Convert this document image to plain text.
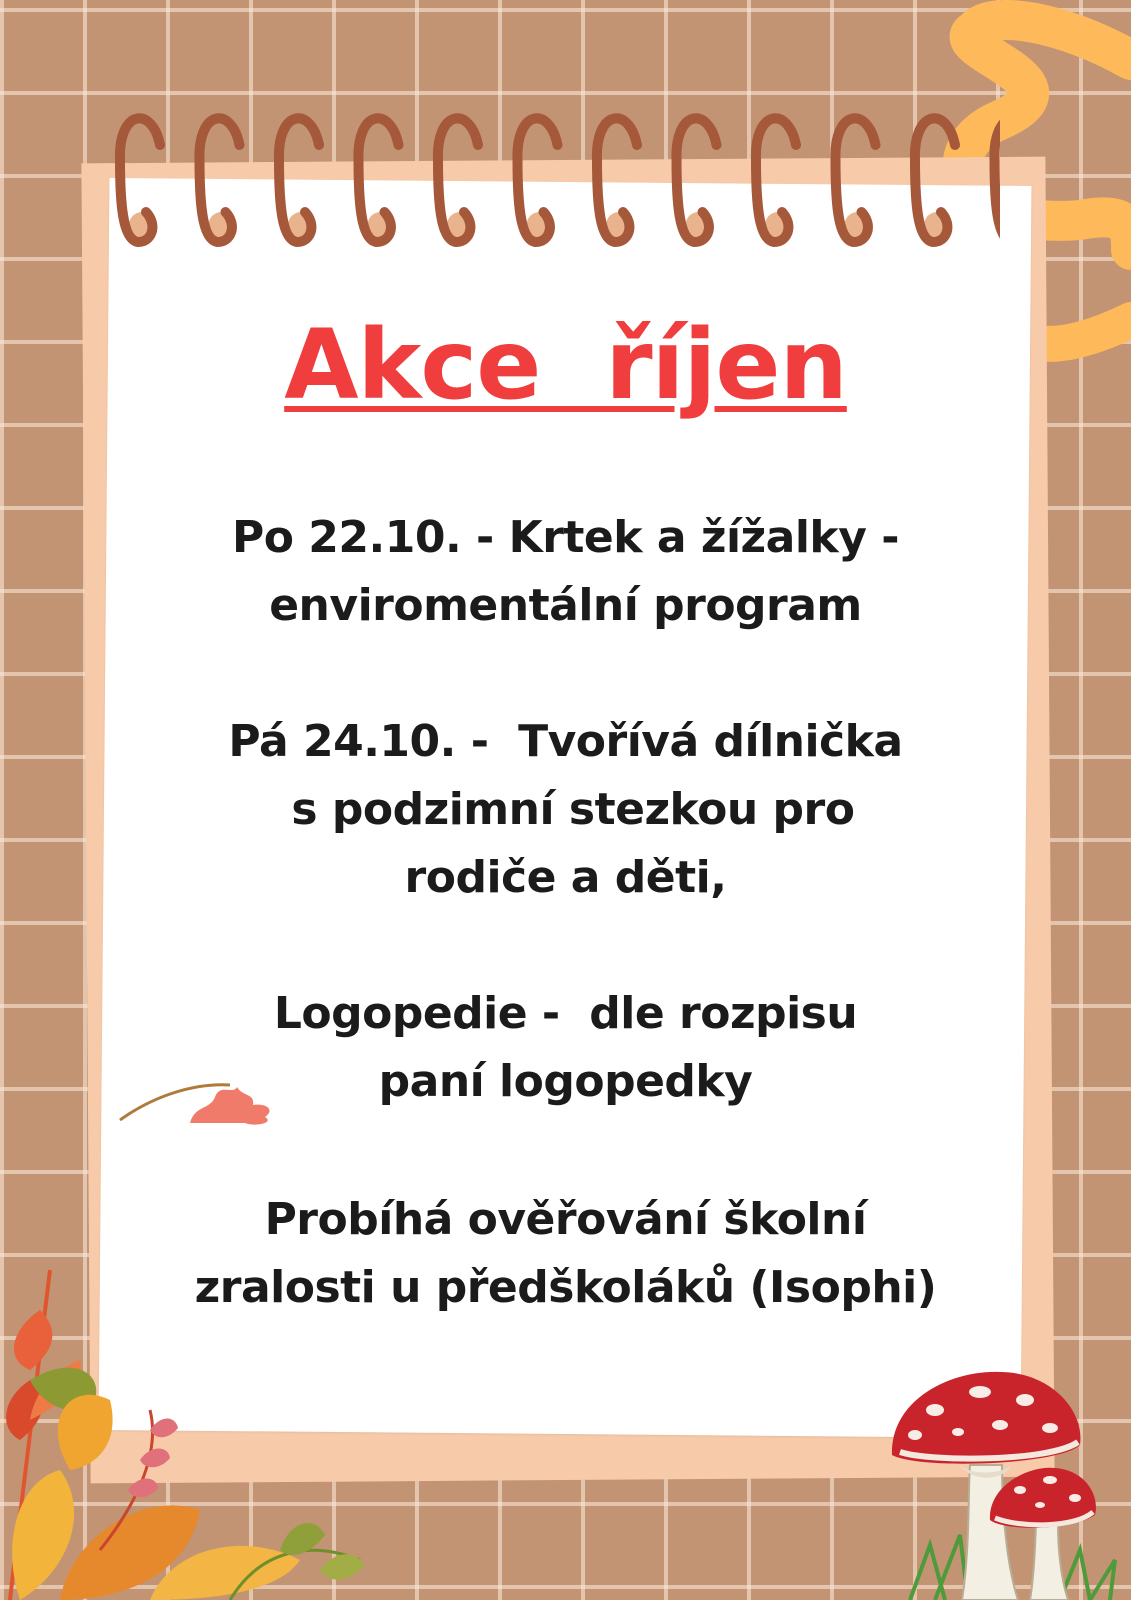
Akce  říjen
Po 22.10. - Krtek a žížalky -
enviromentální program
Pá 24.10. -  Tvořívá dílnička
s podzimní stezkou pro
rodiče a děti,
Logopedie -  dle rozpisu
paní logopedky
Probíhá ověřování školní
zralosti u předškoláků (Isophi)
